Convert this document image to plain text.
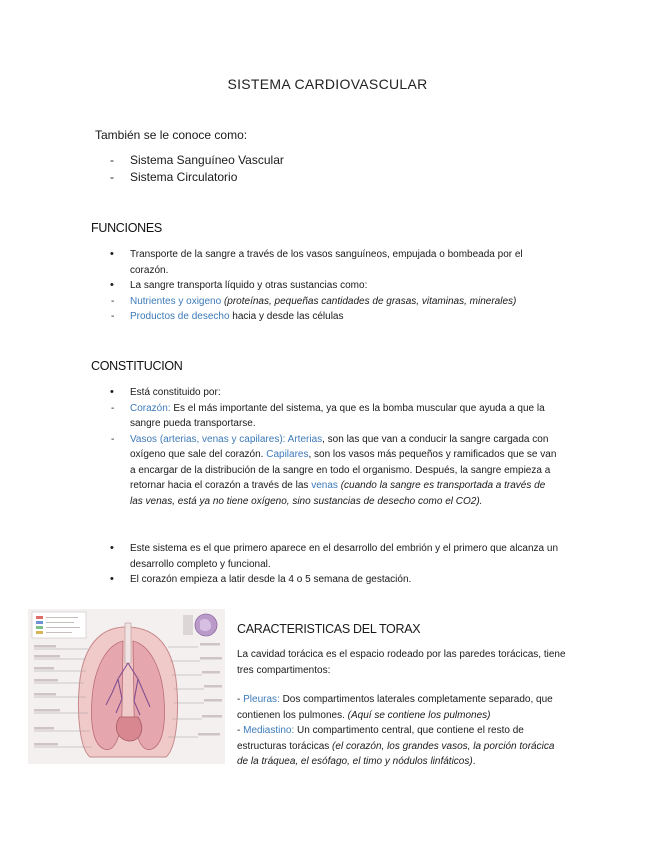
SISTEMA CARDIOVASCULAR
También se le conoce como:
- Sistema Sanguíneo Vascular
- Sistema Circulatorio
FUNCIONES
• Transporte de la sangre a través de los vasos sanguíneos, empujada o bombeada por el corazón.
• La sangre transporta líquido y otras sustancias como:
- Nutrientes y oxigeno (proteínas, pequeñas cantidades de grasas, vitaminas, minerales)
- Productos de desecho hacia y desde las células
CONSTITUCION
• Está constituido por:
- Corazón: Es el más importante del sistema, ya que es la bomba muscular que ayuda a que la sangre pueda transportarse.
- Vasos (arterias, venas y capilares): Arterias, son las que van a conducir la sangre cargada con oxígeno que sale del corazón. Capilares, son los vasos más pequeños y ramificados que se van a encargar de la distribución de la sangre en todo el organismo. Después, la sangre empieza a retornar hacia el corazón a través de las venas (cuando la sangre es transportada a través de las venas, está ya no tiene oxígeno, sino sustancias de desecho como el CO2).
• Este sistema es el que primero aparece en el desarrollo del embrión y el primero que alcanza un desarrollo completo y funcional.
• El corazón empieza a latir desde la 4 o 5 semana de gestación.
CARACTERISTICAS DEL TORAX

La cavidad torácica es el espacio rodeado por las paredes torácicas, tiene tres compartimentos:

- Pleuras: Dos compartimentos laterales completamente separado, que contienen los pulmones. (Aquí se contiene los pulmones)
- Mediastino: Un compartimento central, que contiene el resto de estructuras torácicas (el corazón, los grandes vasos, la porción torácica de la tráquea, el esófago, el timo y nódulos linfáticos).
